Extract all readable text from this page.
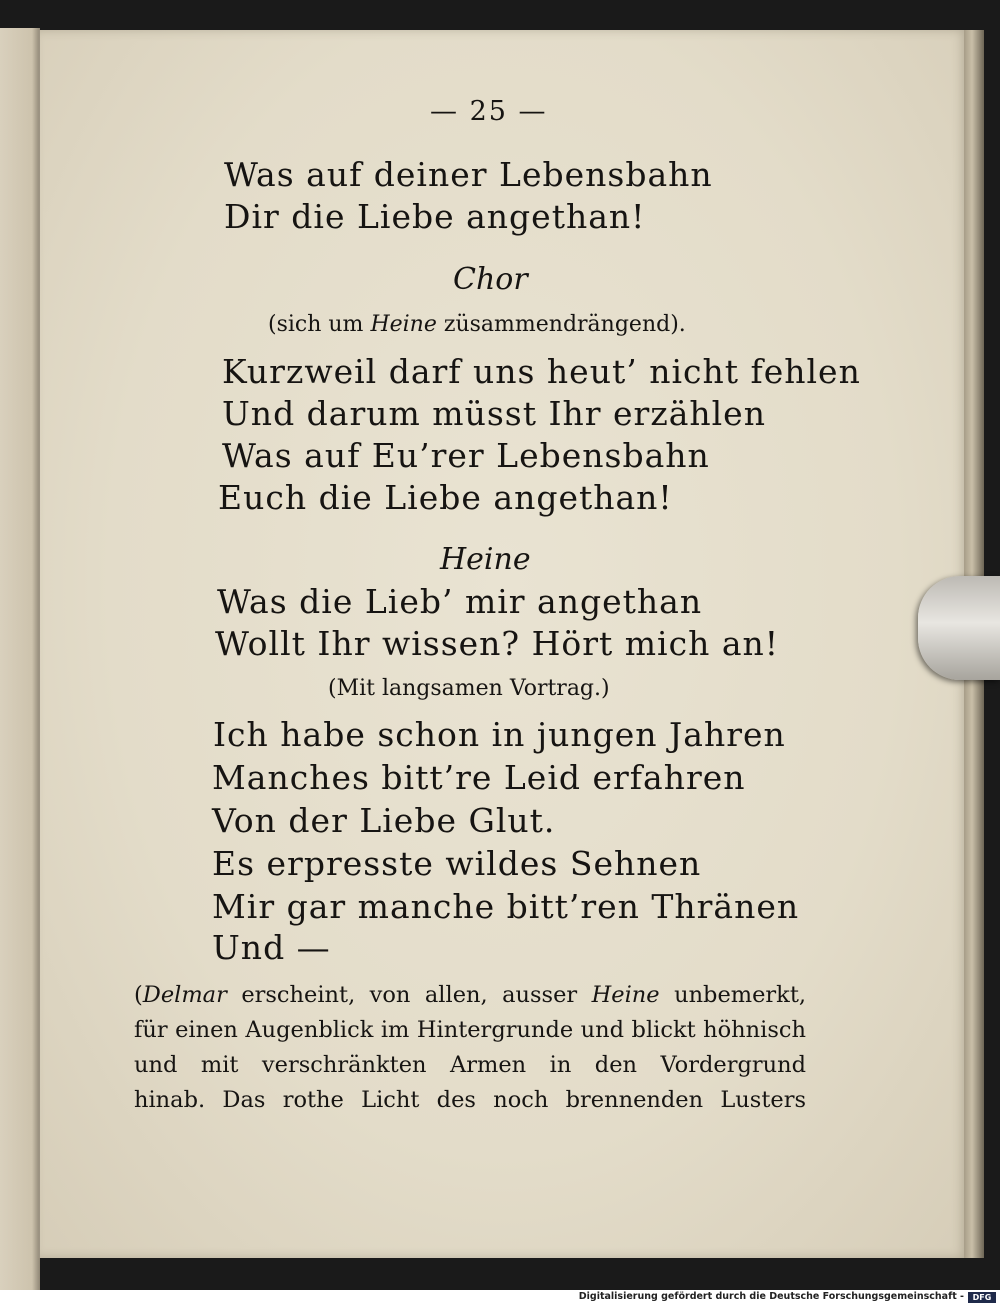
— 25 —
Was auf deiner Lebensbahn
Dir die Liebe angethan!
Chor
(sich um Heine züsammendrängend).
Kurzweil darf uns heut’ nicht fehlen
Und darum müsst Ihr erzählen
Was auf Eu’rer Lebensbahn
Euch die Liebe angethan!
Heine
Was die Lieb’ mir angethan
Wollt Ihr wissen? Hört mich an!
(Mit langsamen Vortrag.)
Ich habe schon in jungen Jahren
Manches bitt’re Leid erfahren
Von der Liebe Glut.
Es erpresste wildes Sehnen
Mir gar manche bitt’ren Thränen
Und —
(Delmar erscheint, von allen, ausser Heine unbemerkt,
für einen Augenblick im Hintergrunde und blickt höhnisch
und mit verschränkten Armen in den Vordergrund
hinab. Das rothe Licht des noch brennenden Lusters
Digitalisierung gefördert durch die Deutsche Forschungsgemeinschaft -	DFG
